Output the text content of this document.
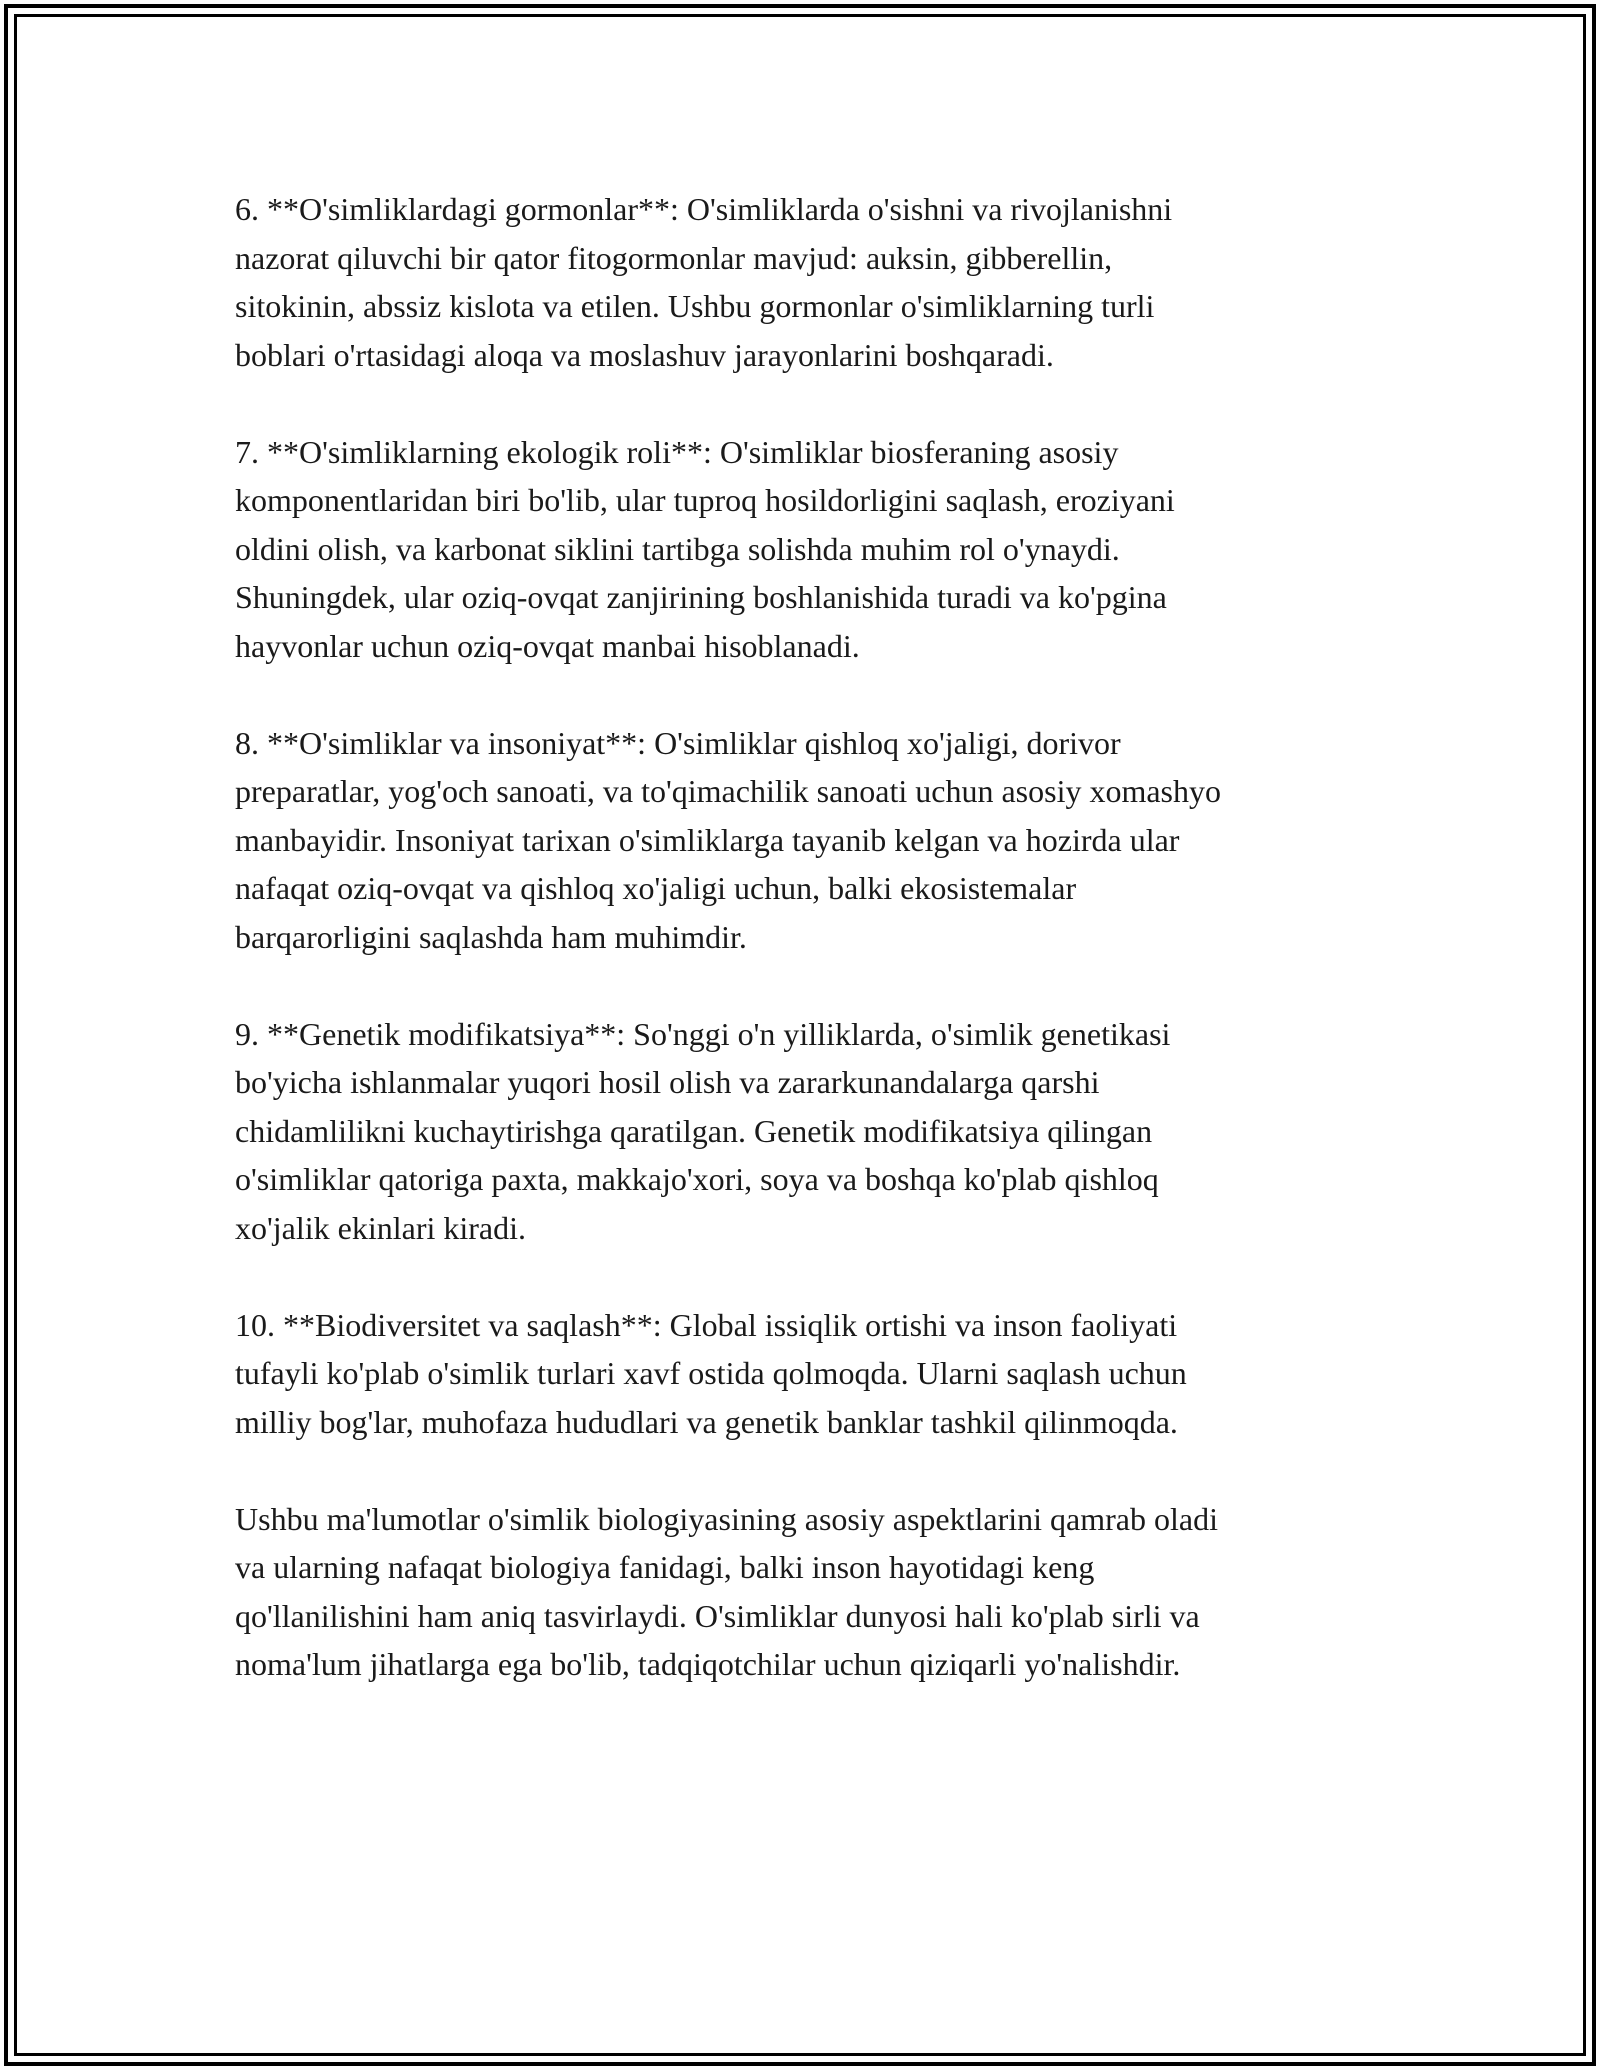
6. **O'simliklardagi gormonlar**: O'simliklarda o'sishni va rivojlanishni
nazorat qiluvchi bir qator fitogormonlar mavjud: auksin, gibberellin,
sitokinin, abssiz kislota va etilen. Ushbu gormonlar o'simliklarning turli
boblari o'rtasidagi aloqa va moslashuv jarayonlarini boshqaradi.

7. **O'simliklarning ekologik roli**: O'simliklar biosferaning asosiy
komponentlaridan biri bo'lib, ular tuproq hosildorligini saqlash, eroziyani
oldini olish, va karbonat siklini tartibga solishda muhim rol o'ynaydi.
Shuningdek, ular oziq-ovqat zanjirining boshlanishida turadi va ko'pgina
hayvonlar uchun oziq-ovqat manbai hisoblanadi.

8. **O'simliklar va insoniyat**: O'simliklar qishloq xo'jaligi, dorivor
preparatlar, yog'och sanoati, va to'qimachilik sanoati uchun asosiy xomashyo
manbayidir. Insoniyat tarixan o'simliklarga tayanib kelgan va hozirda ular
nafaqat oziq-ovqat va qishloq xo'jaligi uchun, balki ekosistemalar
barqarorligini saqlashda ham muhimdir.

9. **Genetik modifikatsiya**: So'nggi o'n yilliklarda, o'simlik genetikasi
bo'yicha ishlanmalar yuqori hosil olish va zararkunandalarga qarshi
chidamlilikni kuchaytirishga qaratilgan. Genetik modifikatsiya qilingan
o'simliklar qatoriga paxta, makkajo'xori, soya va boshqa ko'plab qishloq
xo'jalik ekinlari kiradi.

10. **Biodiversitet va saqlash**: Global issiqlik ortishi va inson faoliyati
tufayli ko'plab o'simlik turlari xavf ostida qolmoqda. Ularni saqlash uchun
milliy bog'lar, muhofaza hududlari va genetik banklar tashkil qilinmoqda.

Ushbu ma'lumotlar o'simlik biologiyasining asosiy aspektlarini qamrab oladi
va ularning nafaqat biologiya fanidagi, balki inson hayotidagi keng
qo'llanilishini ham aniq tasvirlaydi. O'simliklar dunyosi hali ko'plab sirli va
noma'lum jihatlarga ega bo'lib, tadqiqotchilar uchun qiziqarli yo'nalishdir.
